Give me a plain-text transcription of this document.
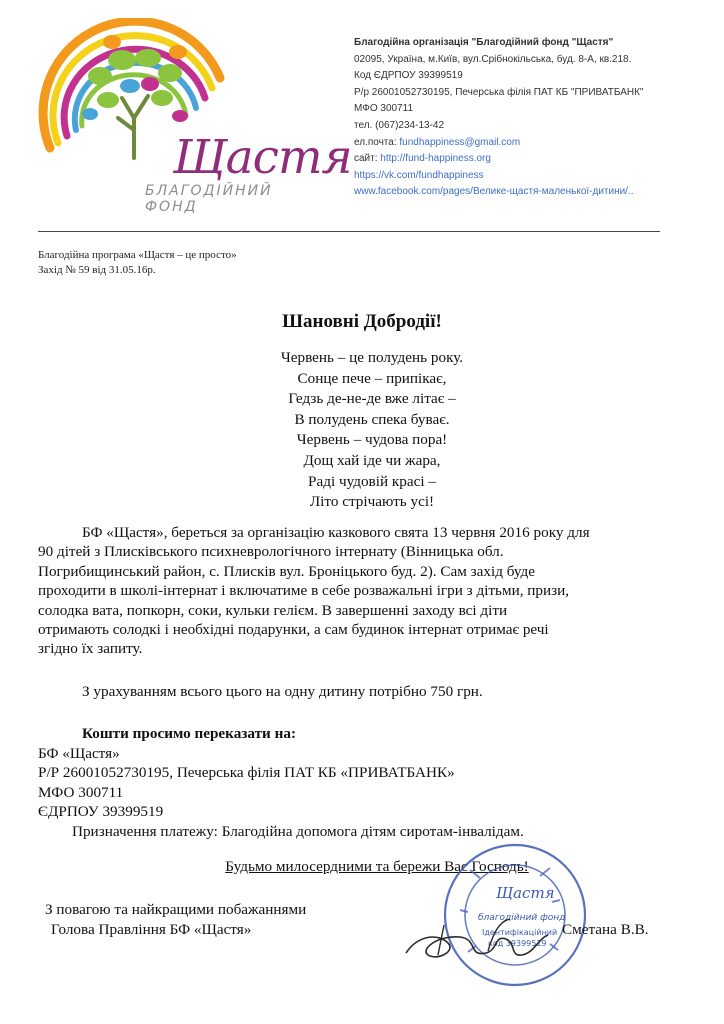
Щастя
БЛАГОДІЙНИЙ ФОНД
Благодійна організація "Благодійний фонд "Щастя"
02095, Україна, м.Київ, вул.Срібнокільська, буд. 8-А, кв.218.
Код ЄДРПОУ 39399519
Р/р 26001052730195, Печерська філія ПАТ КБ "ПРИВАТБАНК"
МФО 300711
тел. (067)234-13-42
ел.почта: fundhappiness@gmail.com
сайт: http://fund-happiness.org
https://vk.com/fundhappiness
www.facebook.com/pages/Велике-щастя-маленької-дитини/..
Благодійна програма «Щастя – це просто»
Захід № 59 від 31.05.16р.
Шановні Добродії!
Червень – це полудень року.
Сонце пече – припікає,
Гедзь де-не-де вже літає –
В полудень спека буває.
Червень – чудова пора!
Дощ хай іде чи жара,
Раді чудовій красі –
Літо стрічають усі!
БФ «Щастя», береться за організацію казкового свята 13 червня 2016 року для
90 дітей з Плисківського психневрологічного інтернату (Вінницька обл.
Погрибищинський район, с. Плисків вул. Броніцького буд. 2). Сам захід буде
проходити в школі-інтернат і включатиме в себе розважальні ігри з дітьми, призи,
солодка вата, попкорн, соки, кульки гелієм. В завершенні заходу всі діти
отримають солодкі і необхідні подарунки, а сам будинок інтернат отримає речі
згідно їх запиту.
З урахуванням всього цього на одну дитину потрібно 750 грн.
Кошти просимо переказати на:
БФ «Щастя»
Р/Р 26001052730195, Печерська філія ПАТ КБ «ПРИВАТБАНК»
МФО 300711
ЄДРПОУ 39399519
Призначення платежу: Благодійна допомога дітям сиротам-інвалідам.
Будьмо милосердними та бережи Вас Господь!
Щастя
благодійний фонд
Ідентифікаційний
код 39399519
З повагою та найкращими побажаннями
Голова Правління БФ «Щастя»	Сметана В.В.
